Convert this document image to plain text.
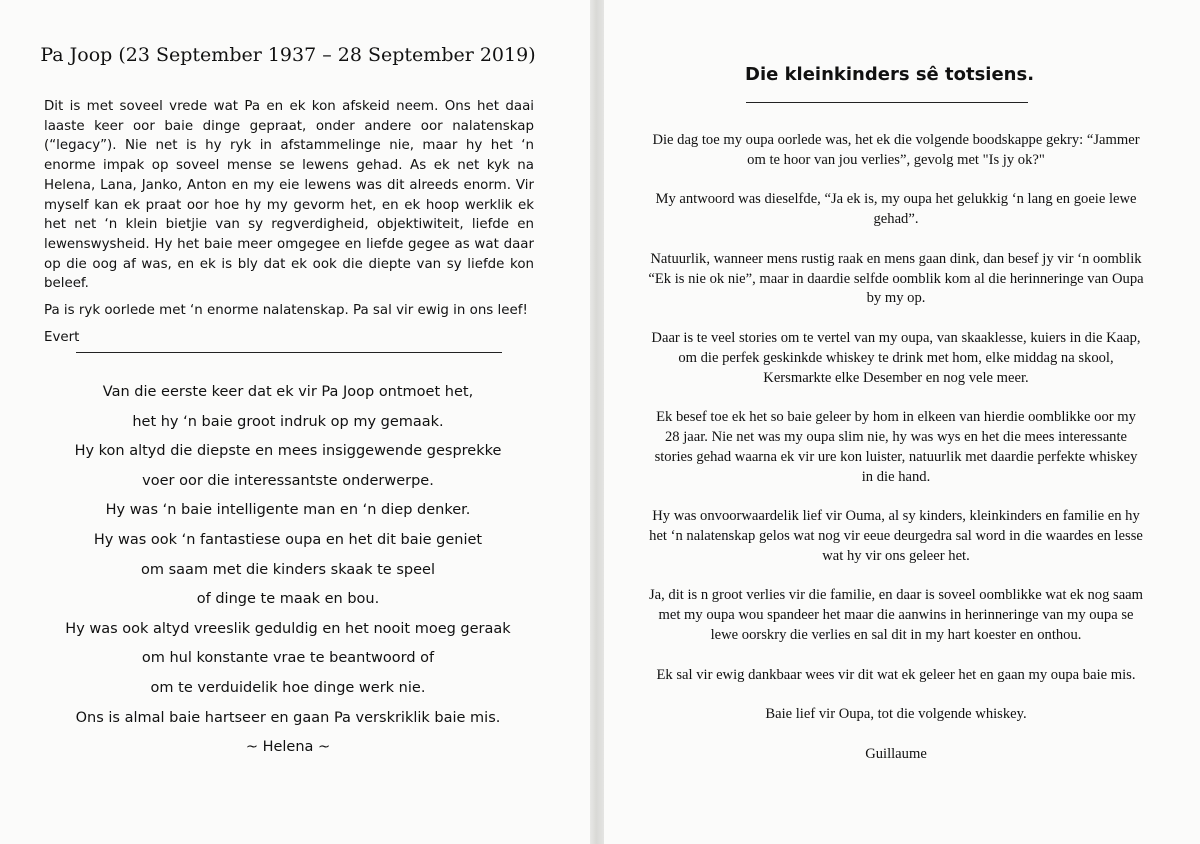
Pa Joop (23 September 1937 – 28 September 2019)

Dit is met soveel vrede wat Pa en ek kon afskeid neem. Ons het daai laaste keer oor baie dinge gepraat, onder andere oor nalatenskap (“legacy”). Nie net is hy ryk in afstammelinge nie, maar hy het ‘n enorme impak op soveel mense se lewens gehad. As ek net kyk na Helena, Lana, Janko, Anton en my eie lewens was dit alreeds enorm. Vir myself kan ek praat oor hoe hy my gevorm het, en ek hoop werklik ek het net ‘n klein bietjie van sy regverdigheid, objektiwiteit, liefde en lewenswysheid. Hy het baie meer omgegee en liefde gegee as wat daar op die oog af was, en ek is bly dat ek ook die diepte van sy liefde kon beleef.

Pa is ryk oorlede met ‘n enorme nalatenskap. Pa sal vir ewig in ons leef!

Evert

Van die eerste keer dat ek vir Pa Joop ontmoet het,
het hy ‘n baie groot indruk op my gemaak.
Hy kon altyd die diepste en mees insiggewende gesprekke
voer oor die interessantste onderwerpe.
Hy was ‘n baie intelligente man en ‘n diep denker.
Hy was ook ‘n fantastiese oupa en het dit baie geniet
om saam met die kinders skaak te speel
of dinge te maak en bou.
Hy was ook altyd vreeslik geduldig en het nooit moeg geraak
om hul konstante vrae te beantwoord of
om te verduidelik hoe dinge werk nie.
Ons is almal baie hartseer en gaan Pa verskriklik baie mis.
~ Helena ~
Die kleinkinders sê totsiens.

Die dag toe my oupa oorlede was, het ek die volgende boodskappe gekry: “Jammer om te hoor van jou verlies”, gevolg met "Is jy ok?"

My antwoord was dieselfde, “Ja ek is, my oupa het gelukkig ‘n lang en goeie lewe gehad”.

Natuurlik, wanneer mens rustig raak en mens gaan dink, dan besef jy vir ‘n oomblik “Ek is nie ok nie”, maar in daardie selfde oomblik kom al die herinneringe van Oupa by my op.

Daar is te veel stories om te vertel van my oupa, van skaaklesse, kuiers in die Kaap, om die perfek geskinkde whiskey te drink met hom, elke middag na skool, Kersmarkte elke Desember en nog vele meer.

Ek besef toe ek het so baie geleer by hom in elkeen van hierdie oomblikke oor my 28 jaar. Nie net was my oupa slim nie, hy was wys en het die mees interessante stories gehad waarna ek vir ure kon luister, natuurlik met daardie perfekte whiskey in die hand.

Hy was onvoorwaardelik lief vir Ouma, al sy kinders, kleinkinders en familie en hy het ‘n nalatenskap gelos wat nog vir eeue deurgedra sal word in die waardes en lesse wat hy vir ons geleer het.

Ja, dit is n groot verlies vir die familie, en daar is soveel oomblikke wat ek nog saam met my oupa wou spandeer het maar die aanwins in herinneringe van my oupa se lewe oorskry die verlies en sal dit in my hart koester en onthou.

Ek sal vir ewig dankbaar wees vir dit wat ek geleer het en gaan my oupa baie mis.

Baie lief vir Oupa, tot die volgende whiskey.

Guillaume
